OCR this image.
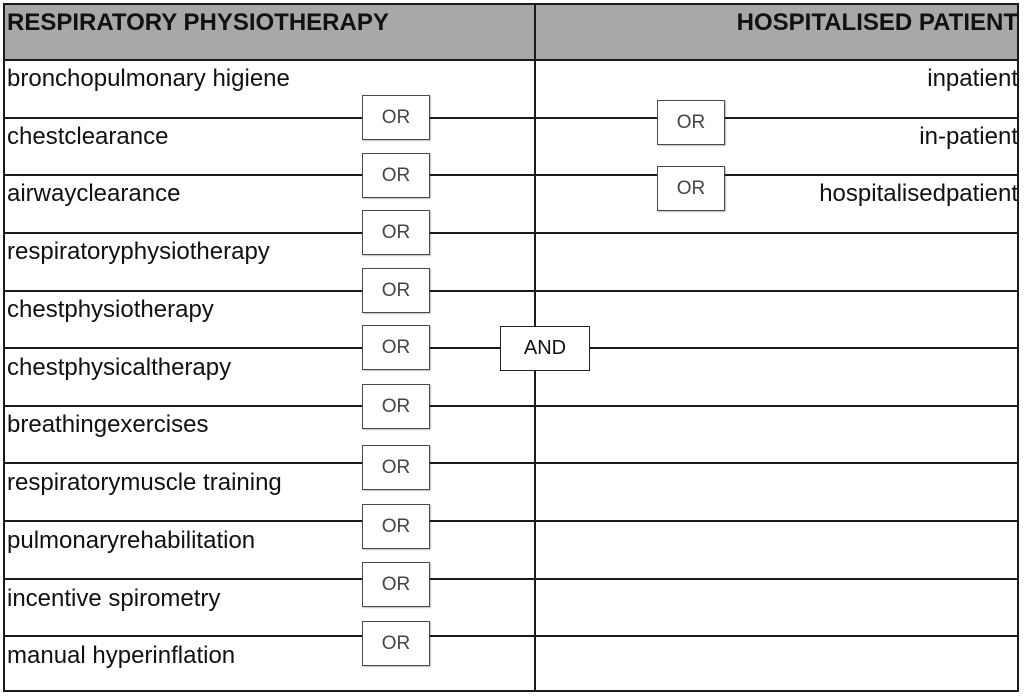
RESPIRATORY PHYSIOTHERAPY	HOSPITALISED PATIENT
bronchopulmonary higiene
chestclearance
airwayclearance
respiratoryphysiotherapy
chestphysiotherapy
chestphysicaltherapy
breathingexercises
respiratorymuscle training
pulmonaryrehabilitation
incentive spirometry
manual hyperinflation
inpatient
in-patient
hospitalisedpatient
OR
OR
OR
OR
OR
OR
OR
OR
OR
OR
OR
OR
AND
